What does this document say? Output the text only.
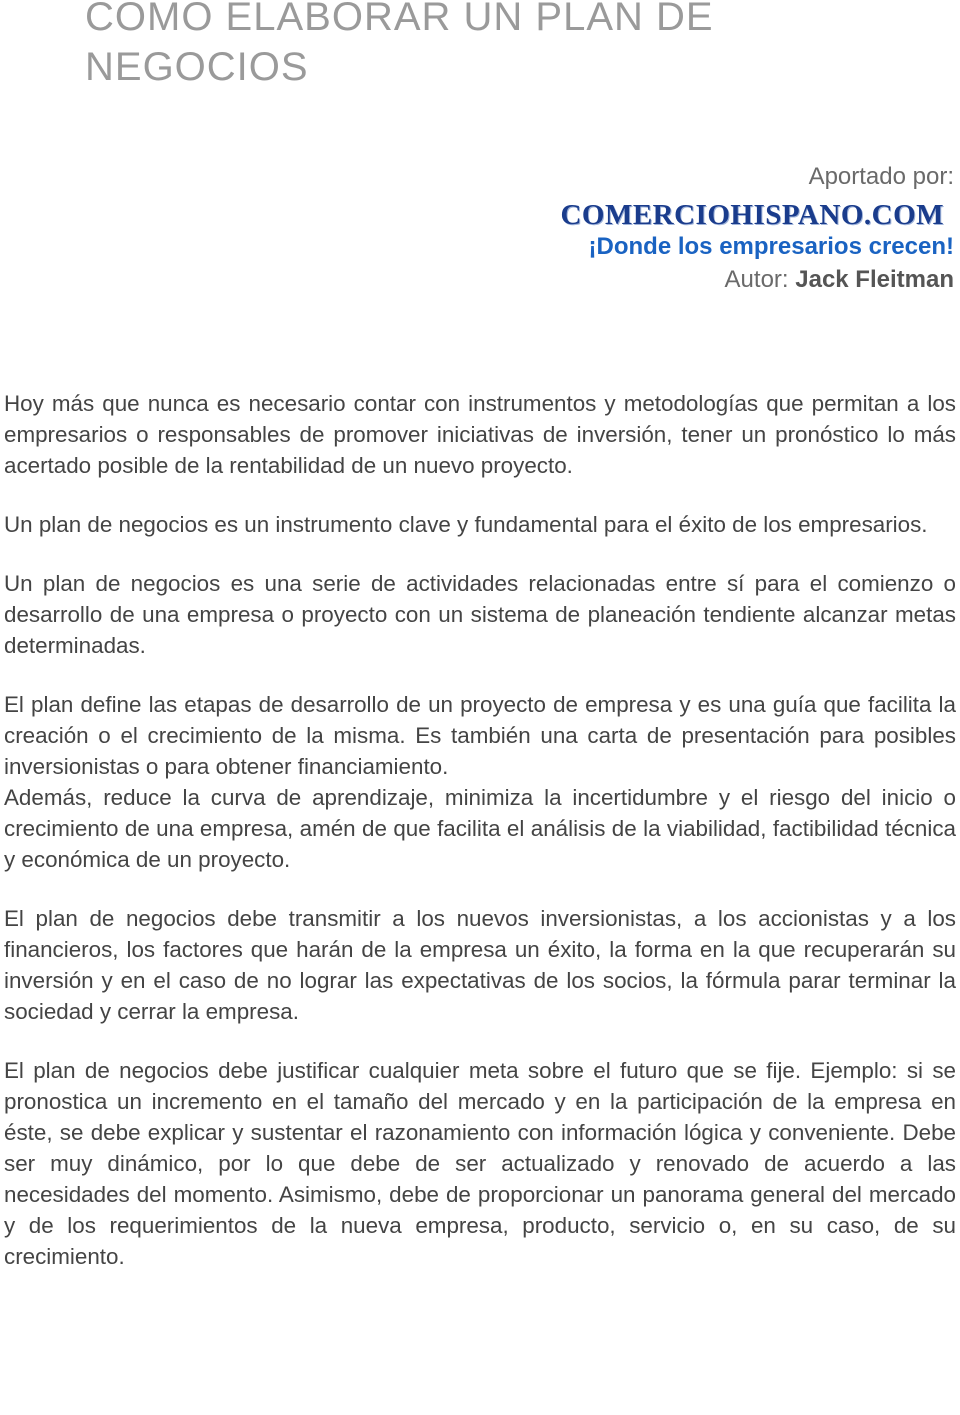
COMO ELABORAR UN PLAN DE
NEGOCIOS
Aportado por:
COMERCIOHISPANO.COM
¡Donde los empresarios crecen!
Autor: Jack Fleitman

Hoy más que nunca es necesario contar con instrumentos y metodologías que permitan a los empresarios o responsables de promover iniciativas de inversión, tener un pronóstico lo más acertado posible de la rentabilidad de un nuevo proyecto.

Un plan de negocios es un instrumento clave y fundamental para el éxito de los empresarios.

Un plan de negocios es una serie de actividades relacionadas entre sí para el comienzo o desarrollo de una empresa o proyecto con un sistema de planeación tendiente alcanzar metas determinadas.

El plan define las etapas de desarrollo de un proyecto de empresa y es una guía que facilita la creación o el crecimiento de la misma. Es también una carta de presentación para posibles inversionistas o para obtener financiamiento.

Además, reduce la curva de aprendizaje, minimiza la incertidumbre y el riesgo del inicio o crecimiento de una empresa, amén de que facilita el análisis de la viabilidad, factibilidad técnica y económica de un proyecto.

El plan de negocios debe transmitir a los nuevos inversionistas, a los accionistas y a los financieros, los factores que harán de la empresa un éxito, la forma en la que recuperarán su inversión y en el caso de no lograr las expectativas de los socios, la fórmula parar terminar la sociedad y cerrar la empresa.

El plan de negocios debe justificar cualquier meta sobre el futuro que se fije. Ejemplo: si se pronostica un incremento en el tamaño del mercado y en la participación de la empresa en éste, se debe explicar y sustentar el razonamiento con información lógica y conveniente. Debe ser muy dinámico, por lo que debe de ser actualizado y renovado de acuerdo a las necesidades del momento. Asimismo, debe de proporcionar un panorama general del mercado y de los requerimientos de la nueva empresa, producto, servicio o, en su caso, de su crecimiento.
